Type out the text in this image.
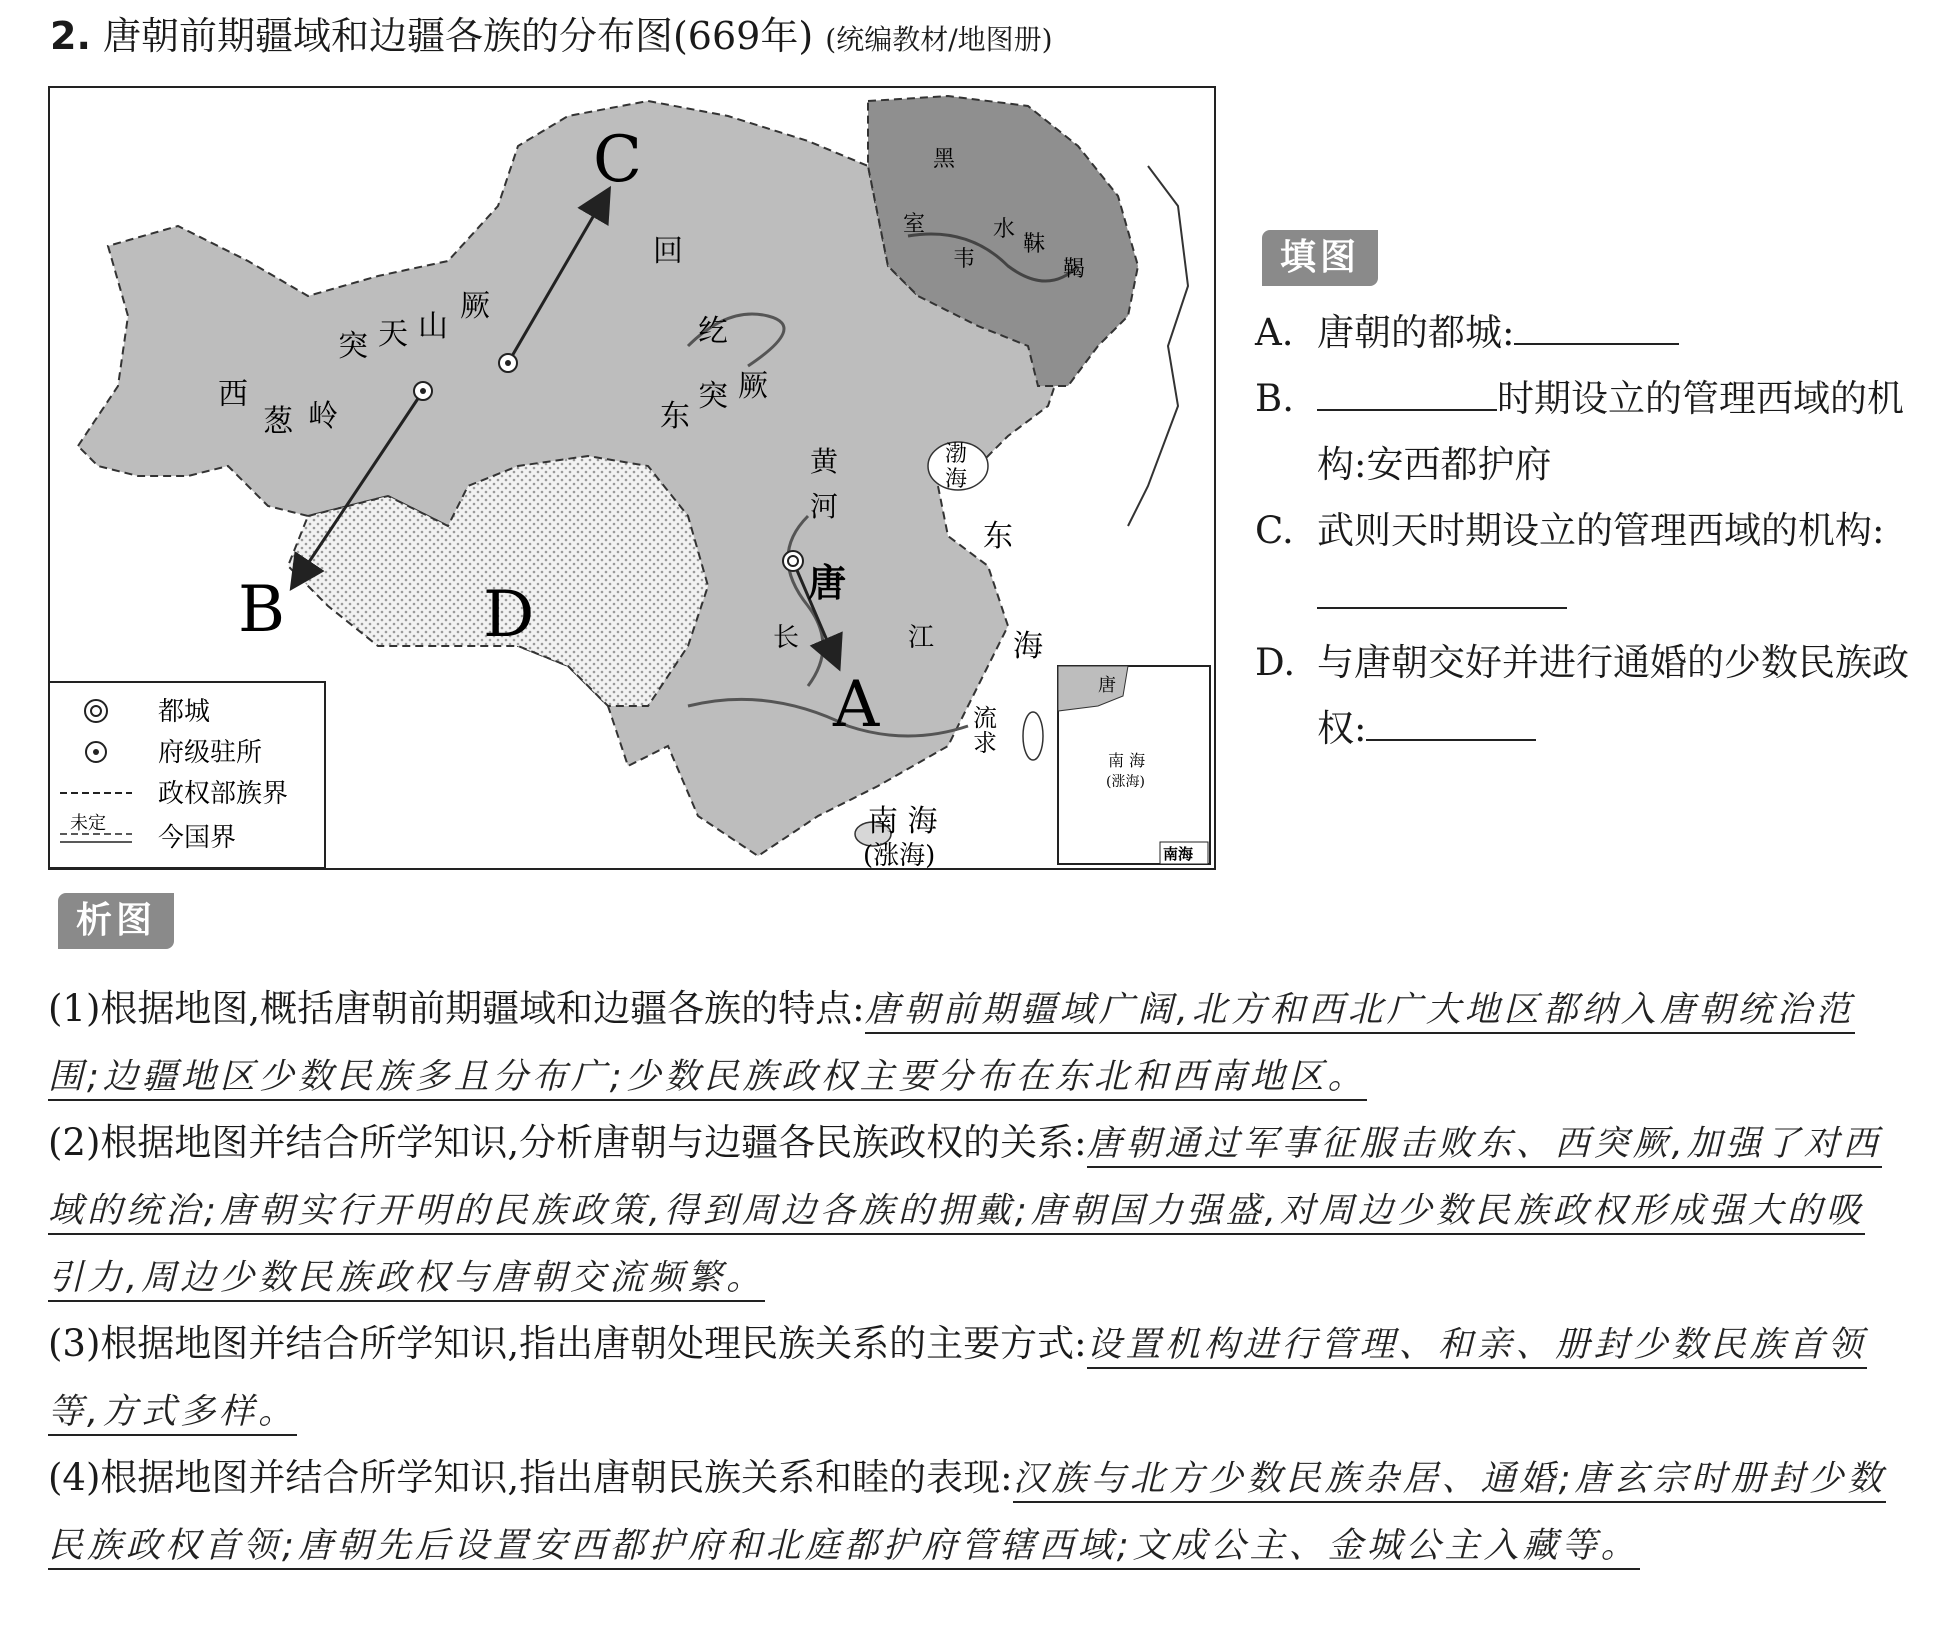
2. 唐朝前期疆域和边疆各族的分布图(669年) (统编教材/地图册)
C
B	D
A
回
纥
突 天 山
厥
西
葱 岭	东
突 厥
黄
河
唐
长	江
渤
海
东
海
流
求
黑
水
靺
鞨
室
韦
南 海
(涨海)
唐
南 海
(涨海)
南海
都城
府级驻所
政权部族界
未定 今国界
填图
A. 唐朝的都城:
B.	时期设立的管理西域的机构:安西都护府
C. 武则天时期设立的管理西域的机构:
D. 与唐朝交好并进行通婚的少数民族政权:
析图
(1)根据地图,概括唐朝前期疆域和边疆各族的特点:唐朝前期疆域广阔,北方和西北广大地区都纳入唐朝统治范围;边疆地区少数民族多且分布广;少数民族政权主要分布在东北和西南地区。
(2)根据地图并结合所学知识,分析唐朝与边疆各民族政权的关系:唐朝通过军事征服击败东、西突厥,加强了对西域的统治;唐朝实行开明的民族政策,得到周边各族的拥戴;唐朝国力强盛,对周边少数民族政权形成强大的吸引力,周边少数民族政权与唐朝交流频繁。
(3)根据地图并结合所学知识,指出唐朝处理民族关系的主要方式:设置机构进行管理、和亲、册封少数民族首领等,方式多样。
(4)根据地图并结合所学知识,指出唐朝民族关系和睦的表现:汉族与北方少数民族杂居、通婚;唐玄宗时册封少数民族政权首领;唐朝先后设置安西都护府和北庭都护府管辖西域;文成公主、金城公主入藏等。
